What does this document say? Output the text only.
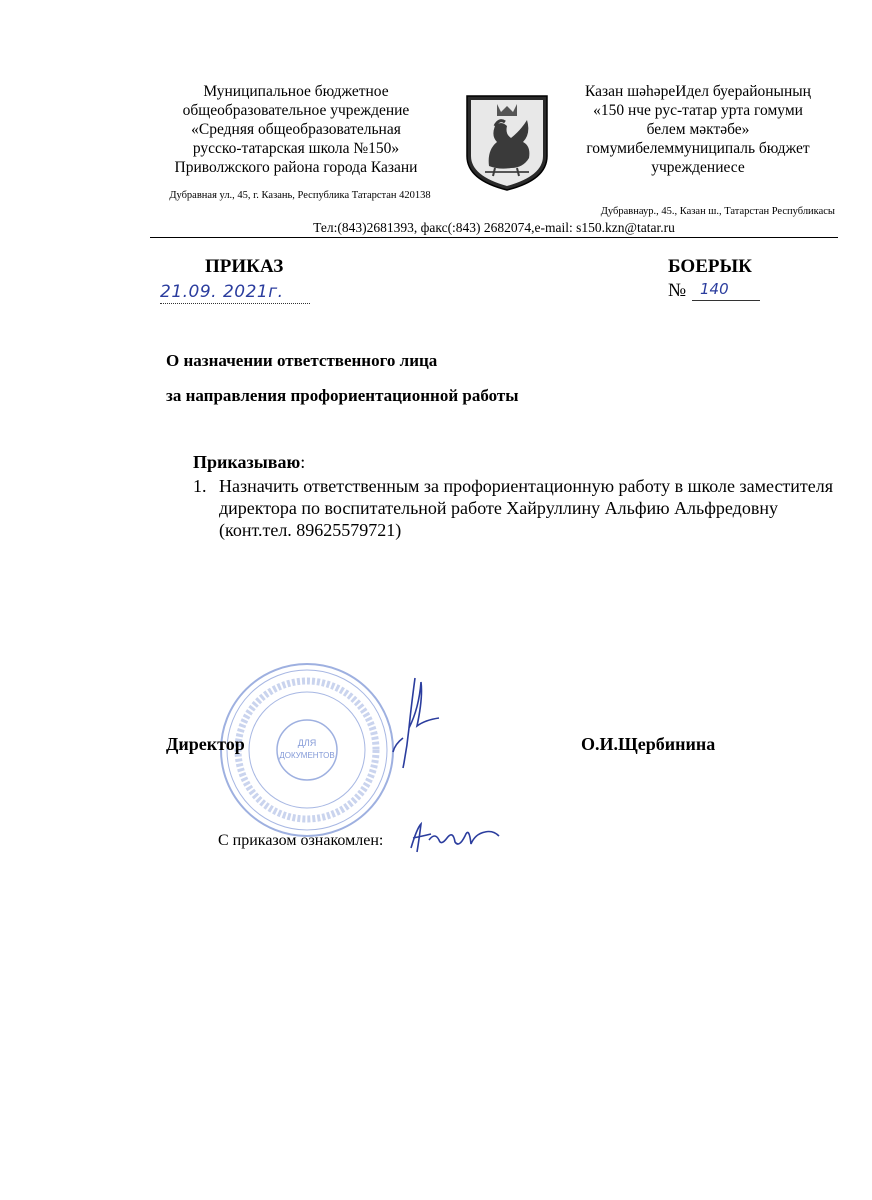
Муниципальное бюджетное
общеобразовательное учреждение
«Средняя общеобразовательная
русско-татарская школа №150»
Приволжского района города Казани
Дубравная ул., 45, г. Казань, Республика Татарстан 420138
Казан шәһәреИдел буерайонының
«150 нче рус-татар урта гомуми
белем мәктәбе»
гомумибелеммуниципаль бюджет
учреждениесе
Дубравнаур., 45., Казан ш., Татарстан Республикасы
Тел:(843)2681393, факс(:843) 2682074,e-mail: s150.kzn@tatar.ru
ПРИКАЗ	БОЕРЫК
21.09. 2021г.	№ 140
О назначении ответственного лица
за направления профориентационной работы
Приказываю:
1. Назначить ответственным за профориентационную работу в школе заместителя директора по воспитательной работе Хайруллину Альфию Альфредовну (конт.тел. 89625579721)
ДЛЯ
ДОКУМЕНТОВ
Директор	О.И.Щербинина
С приказом ознакомлен:
